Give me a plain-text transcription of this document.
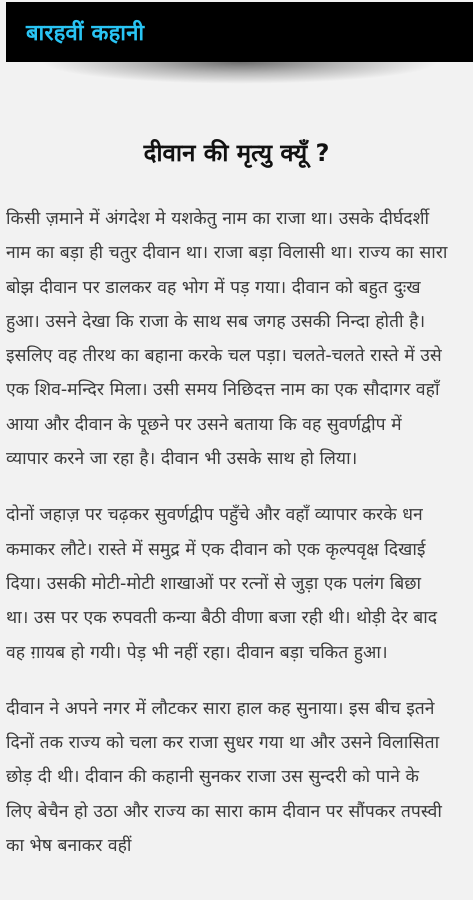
बारहवीं कहानी
दीवान की मृत्यु क्यूँ ?

किसी ज़माने में अंगदेश मे यशकेतु नाम का राजा था। उसके दीर्घदर्शी नाम का बड़ा ही चतुर दीवान था। राजा बड़ा विलासी था। राज्य का सारा बोझ दीवान पर डालकर वह भोग में पड़ गया। दीवान को बहुत दुःख हुआ। उसने देखा कि राजा के साथ सब जगह उसकी निन्दा होती है। इसलिए वह तीरथ का बहाना करके चल पड़ा। चलते-चलते रास्ते में उसे एक शिव-मन्दिर मिला। उसी समय निछिदत्त नाम का एक सौदागर वहाँ आया और दीवान के पूछने पर उसने बताया कि वह सुवर्णद्वीप में व्यापार करने जा रहा है। दीवान भी उसके साथ हो लिया।

दोनों जहाज़ पर चढ़कर सुवर्णद्वीप पहुँचे और वहाँ व्यापार करके धन कमाकर लौटे। रास्ते में समुद्र में एक दीवान को एक कृल्पवृक्ष दिखाई दिया। उसकी मोटी-मोटी शाखाओं पर रत्नों से जुड़ा एक पलंग बिछा था। उस पर एक रुपवती कन्या बैठी वीणा बजा रही थी। थोड़ी देर बाद वह ग़ायब हो गयी। पेड़ भी नहीं रहा। दीवान बड़ा चकित हुआ।

दीवान ने अपने नगर में लौटकर सारा हाल कह सुनाया। इस बीच इतने दिनों तक राज्य को चला कर राजा सुधर गया था और उसने विलासिता छोड़ दी थी। दीवान की कहानी सुनकर राजा उस सुन्दरी को पाने के लिए बेचैन हो उठा और राज्य का सारा काम दीवान पर सौंपकर तपस्वी का भेष बनाकर वहीं
